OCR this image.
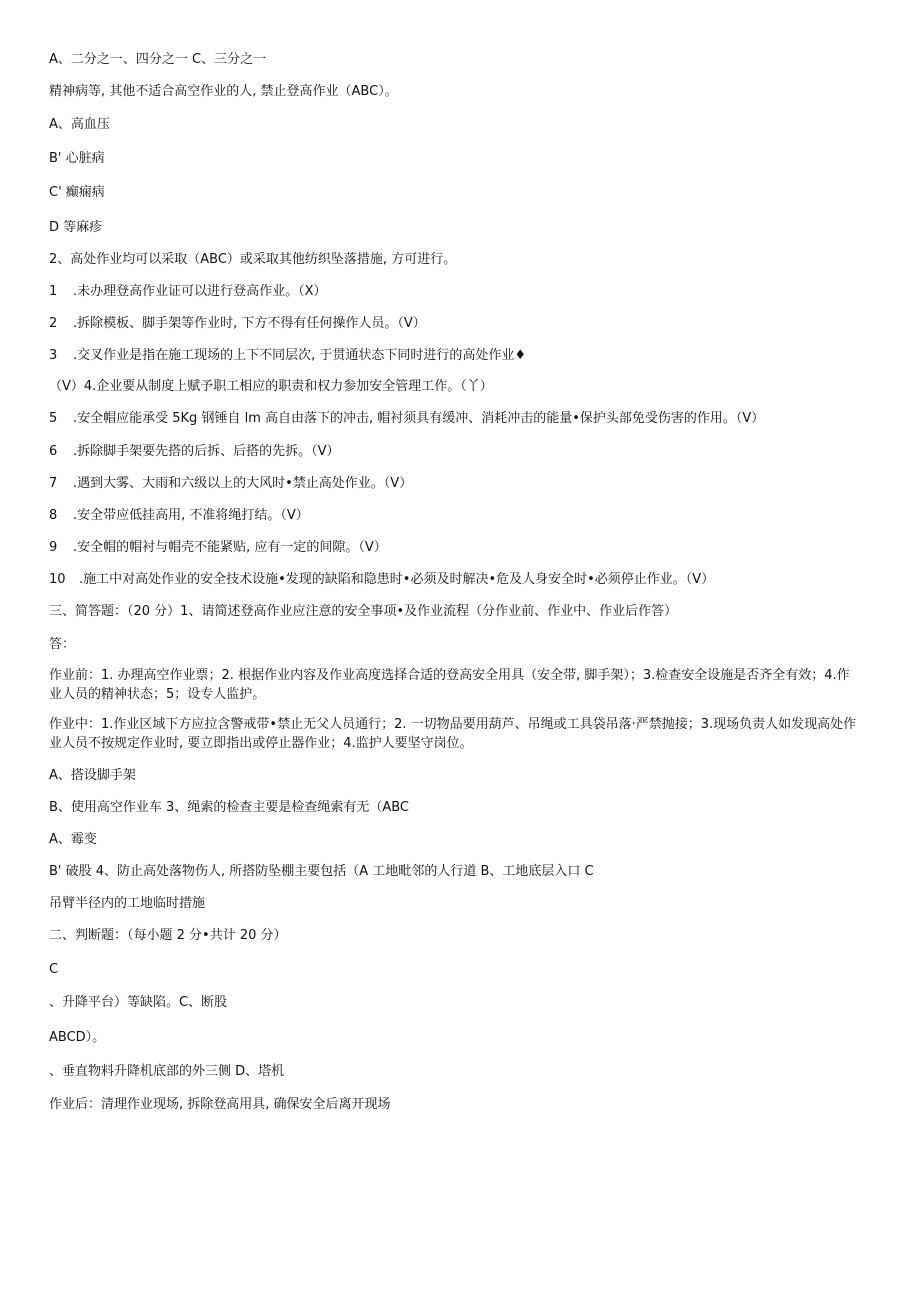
A、二分之一、四分之一 C、三分之一
精神病等, 其他不适合高空作业的人, 禁止登高作业（ABC）。
A、高血压
B' 心脏病
C' 癫痫病
D 等麻疹
2、高处作业均可以采取（ABC）或采取其他纺织坠落措施, 方可进行。
1 .未办理登高作业证可以进行登高作业。（X）
2 .拆除模板、脚手架等作业时, 下方不得有任何操作人员。（V）
3 .交叉作业是指在施工现场的上下不同层次, 于贯通状态下同时进行的高处作业♦
（V）4.企业要从制度上赋予职工相应的职责和权力参加安全管理工作。（丫）
5 .安全帽应能承受 5Kg 钢锤自 lm 高自由落下的冲击, 帽衬须具有缓冲、消耗冲击的能量•保护头部免受伤害的作用。（V）
6 .拆除脚手架要先搭的后拆、后搭的先拆。（V）
7 .遇到大雾、大雨和六级以上的大风时•禁止高处作业。（V）
8 .安全带应低挂高用, 不准将绳打结。（V）
9 .安全帽的帽衬与帽壳不能紧贴, 应有一定的间隙。（V）
10 .施工中对高处作业的安全技术设施•发现的缺陷和隐患时•必须及时解决•危及人身安全时•必须停止作业。（V）
三、简答题：（20 分）1、请简述登高作业应注意的安全事项•及作业流程（分作业前、作业中、作业后作答）
答：
作业前：1. 办理高空作业票；2. 根据作业内容及作业高度选择合适的登高安全用具（安全带, 脚手架）；3.检查安全设施是否齐全有效；4.作业人员的精神状态；5；设专人监护。
作业中：1.作业区域下方应拉含警戒带•禁止无父人员通行；2. 一切物品要用葫芦、吊绳或工具袋吊落·严禁抛接；3.现场负责人如发现高处作业人员不按规定作业时, 要立即指出或停止器作业；4.监护人要坚守岗位。
A、搭设脚手架
B、使用高空作业车 3、绳索的检查主要是检查绳索有无（ABC
A、霉变
B' 破股 4、防止高处落物伤人, 所搭防坠棚主要包括（A 工地毗邻的人行道 B、工地底层入口 C
吊臂半径内的工地临时措施
二、判断题：（每小题 2 分•共计 20 分）
C
、升降平台）等缺陷。C、断股
ABCD）。
、垂直物料升降机底部的外三侧 D、塔机
作业后：清理作业现场, 拆除登高用具, 确保安全后离开现场
